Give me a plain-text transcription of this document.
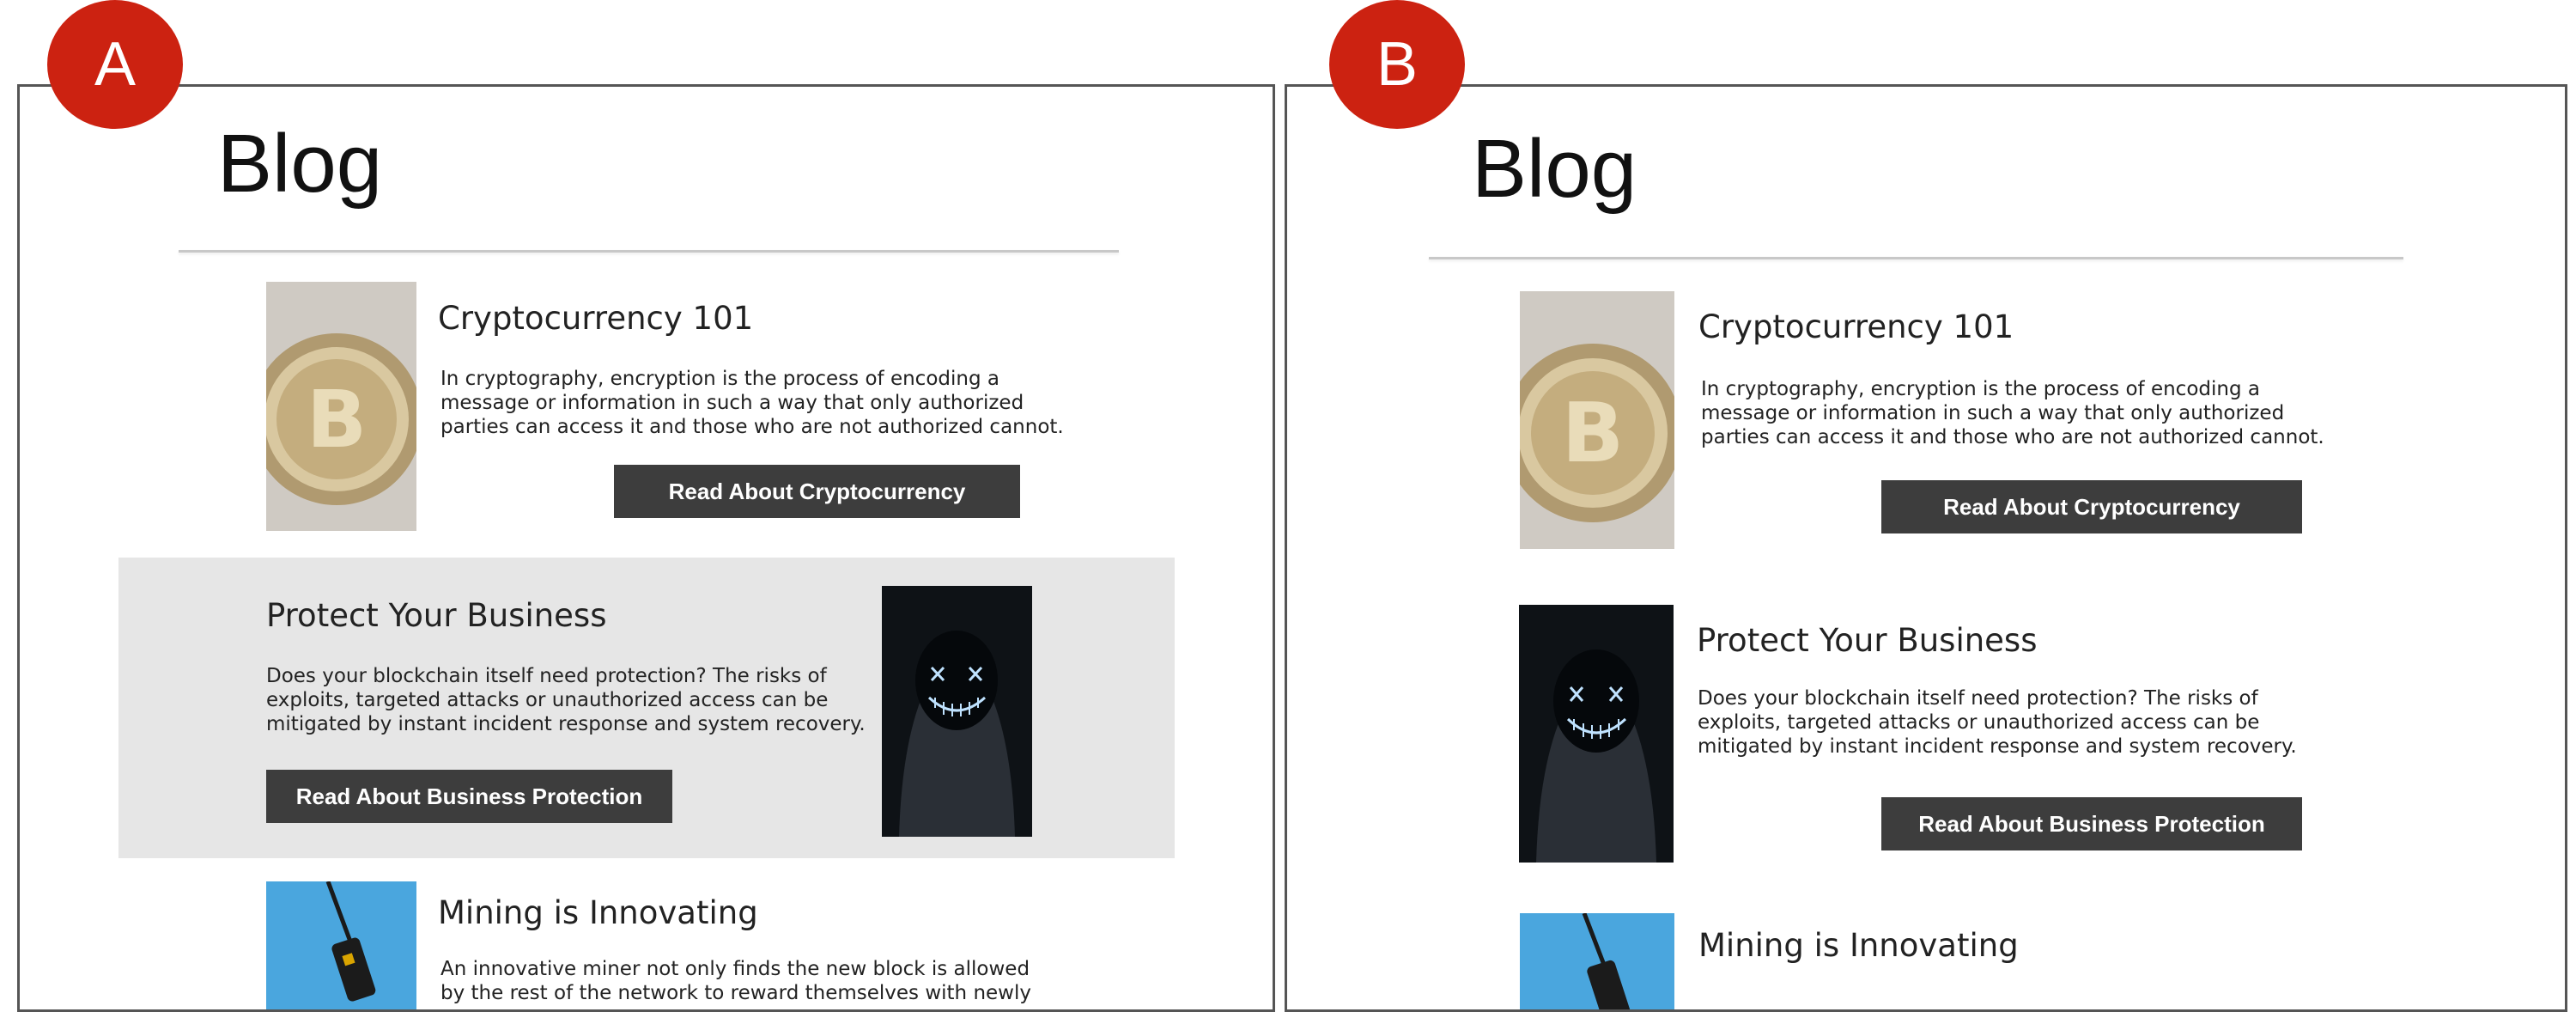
A	B
Blog
B
Cryptocurrency 101
In cryptography, encryption is the process of encoding a
message or information in such a way that only authorized
parties can access it and those who are not authorized cannot.
Read About Cryptocurrency
Protect Your Business
Does your blockchain itself need protection? The risks of
exploits, targeted attacks or unauthorized access can be
mitigated by instant incident response and system recovery.
Read About Business Protection
Mining is Innovating
An innovative miner not only finds the new block is allowed
by the rest of the network to reward themselves with newly
Blog
B
Cryptocurrency 101
In cryptography, encryption is the process of encoding a
message or information in such a way that only authorized
parties can access it and those who are not authorized cannot.
Read About Cryptocurrency
Protect Your Business
Does your blockchain itself need protection? The risks of
exploits, targeted attacks or unauthorized access can be
mitigated by instant incident response and system recovery.
Read About Business Protection
Mining is Innovating
